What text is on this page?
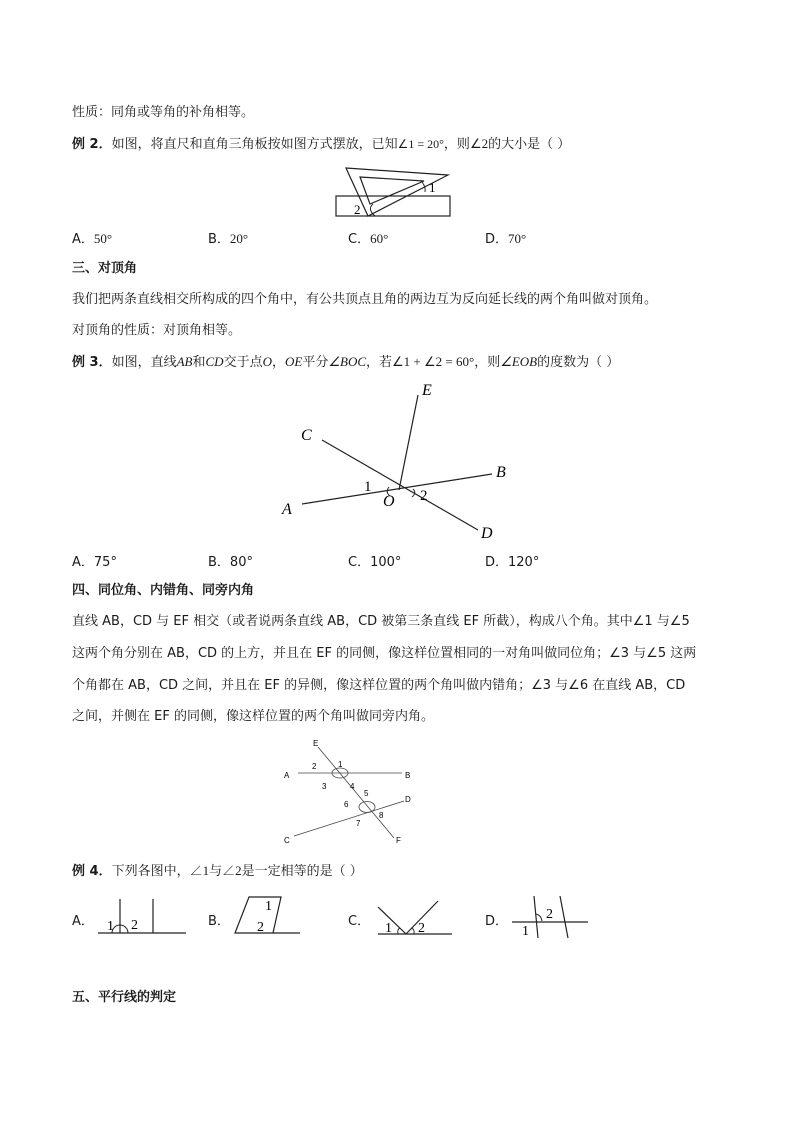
性质：同角或等角的补角相等。
例 2．如图，将直尺和直角三角板按如图方式摆放，已知∠1 = 20°，则∠2的大小是（ ）
1
2
A．50°	B．20°	C．60°	D．70°
三、对顶角
我们把两条直线相交所构成的四个角中，有公共顶点且角的两边互为反向延长线的两个角叫做对顶角。
对顶角的性质：对顶角相等。
例 3．如图，直线AB和CD交于点O，OE平分∠BOC，若∠1 + ∠2 = 60°，则∠EOB的度数为（ ）
E
C
B
A
D
O
1
2
A．75°	B．80°	C．100°	D．120°
四、同位角、内错角、同旁内角
直线 AB，CD 与 EF 相交（或者说两条直线 AB，CD 被第三条直线 EF 所截），构成八个角。其中∠1 与∠5
这两个角分别在 AB，CD 的上方，并且在 EF 的同侧，像这样位置相同的一对角叫做同位角；∠3 与∠5 这两
个角都在 AB，CD 之间，并且在 EF 的异侧，像这样位置的两个角叫做内错角；∠3 与∠6 在直线 AB，CD
之间，并侧在 EF 的同侧，像这样位置的两个角叫做同旁内角。
E
A	B
C
D
F
1
2
3	4
5
6
7
8
例 4．下列各图中，∠1与∠2是一定相等的是（ ）
A． 1 2	B．
1
2	C． 1 2	D．	2
1
五、平行线的判定
